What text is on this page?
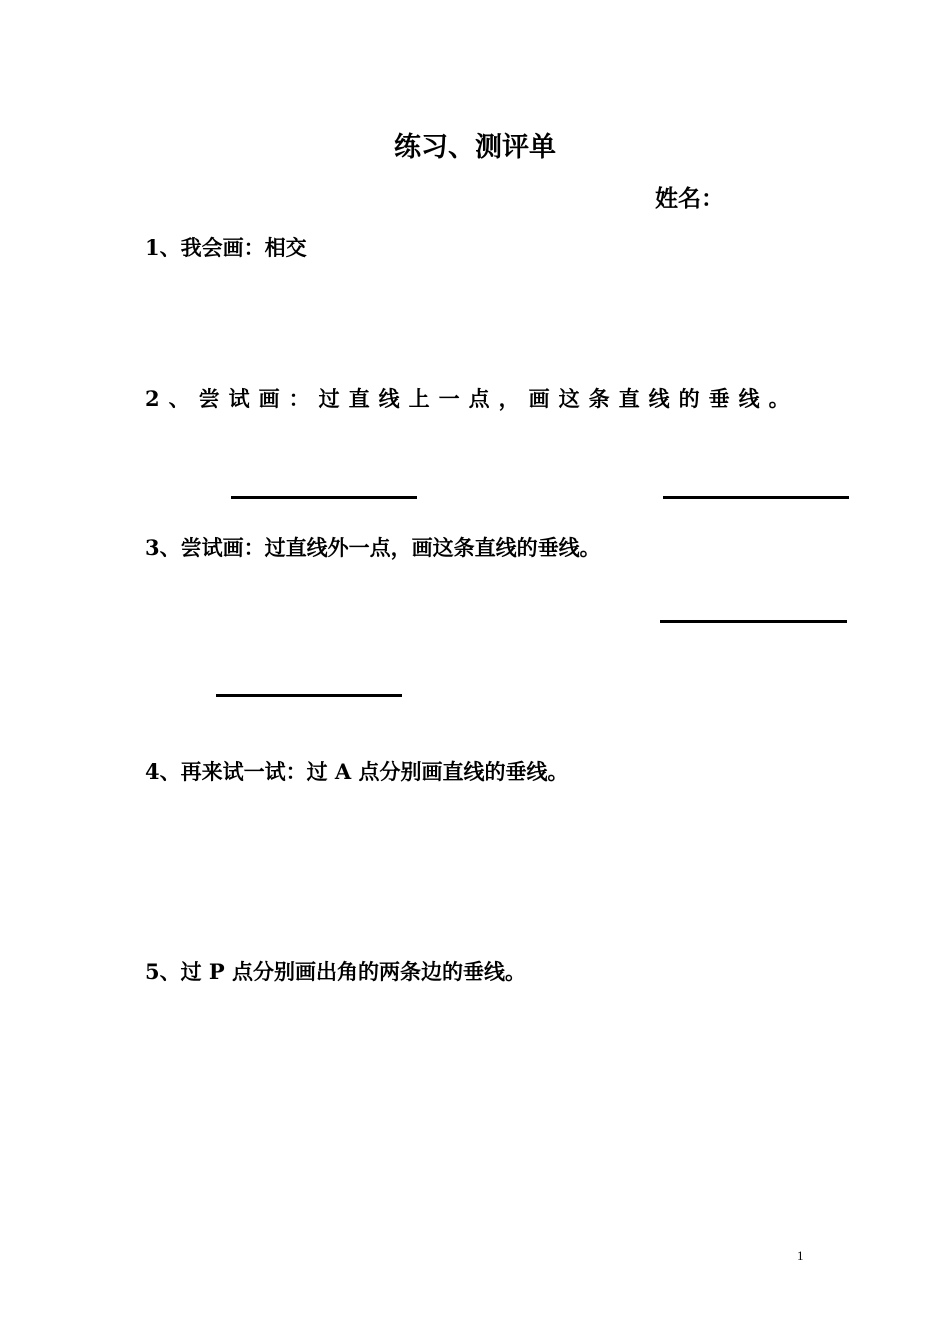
练习、测评单
姓名：
1、我会画：相交
2、尝试画：过直线上一点，画这条直线的垂线。
3、尝试画：过直线外一点，画这条直线的垂线。
4、再来试一试：过 A 点分别画直线的垂线。
5、过 P 点分别画出角的两条边的垂线。
1
